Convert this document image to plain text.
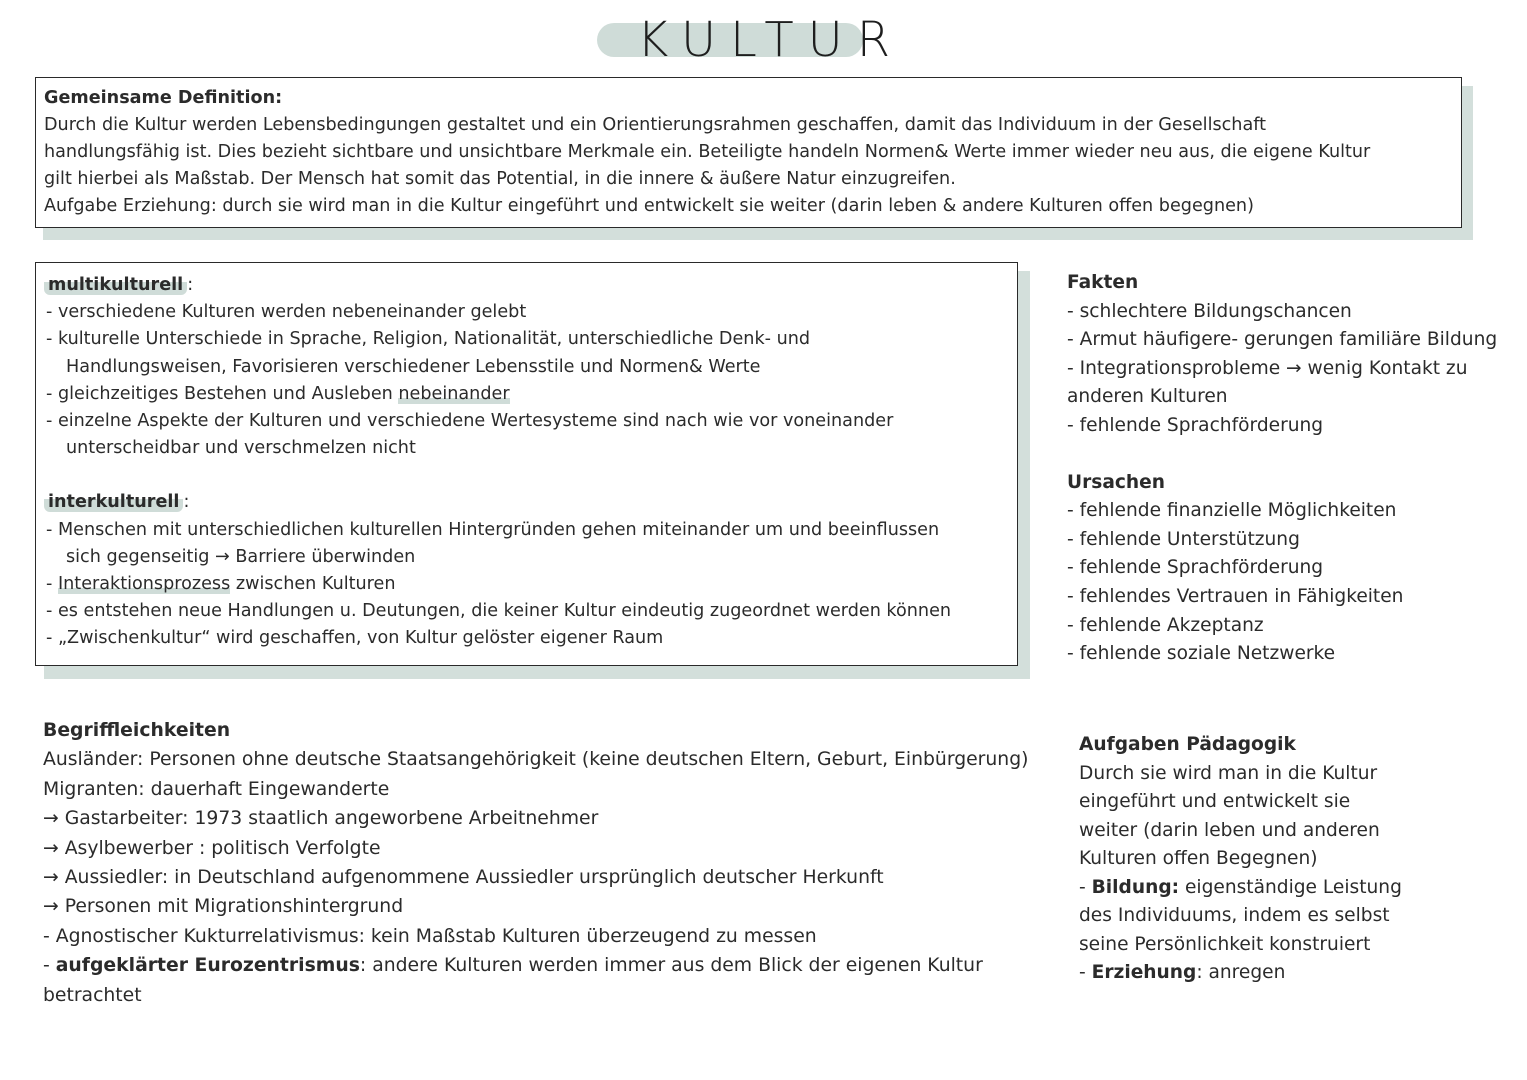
KULTUR

Gemeinsame Definition:

Durch die Kultur werden Lebensbedingungen gestaltet und ein Orientierungsrahmen geschaffen, damit das Individuum in der Gesellschaft

handlungsfähig ist. Dies bezieht sichtbare und unsichtbare Merkmale ein. Beteiligte handeln Normen& Werte immer wieder neu aus, die eigene Kultur

gilt hierbei als Maßstab. Der Mensch hat somit das Potential, in die innere & äußere Natur einzugreifen.

Aufgabe Erziehung: durch sie wird man in die Kultur eingeführt und entwickelt sie weiter (darin leben & andere Kulturen offen begegnen)

multikulturell :

- verschiedene Kulturen werden nebeneinander gelebt

- kulturelle Unterschiede in Sprache, Religion, Nationalität, unterschiedliche Denk- und

Handlungsweisen, Favorisieren verschiedener Lebensstile und Normen& Werte

- gleichzeitiges Bestehen und Ausleben nebeinander

- einzelne Aspekte der Kulturen und verschiedene Wertesysteme sind nach wie vor voneinander

unterscheidbar und verschmelzen nicht

interkulturell :

- Menschen mit unterschiedlichen kulturellen Hintergründen gehen miteinander um und beeinflussen

sich gegenseitig → Barriere überwinden

- Interaktionsprozess zwischen Kulturen

- es entstehen neue Handlungen u. Deutungen, die keiner Kultur eindeutig zugeordnet werden können

- „Zwischenkultur“ wird geschaffen, von Kultur gelöster eigener Raum

Fakten

- schlechtere Bildungschancen

- Armut häufigere- gerungen familiäre Bildung

- Integrationsprobleme → wenig Kontakt zu

anderen Kulturen

- fehlende Sprachförderung

Ursachen

- fehlende finanzielle Möglichkeiten

- fehlende Unterstützung

- fehlende Sprachförderung

- fehlendes Vertrauen in Fähigkeiten

- fehlende Akzeptanz

- fehlende soziale Netzwerke

Begriffleichkeiten

Ausländer: Personen ohne deutsche Staatsangehörigkeit (keine deutschen Eltern, Geburt, Einbürgerung)

Migranten: dauerhaft Eingewanderte

→ Gastarbeiter: 1973 staatlich angeworbene Arbeitnehmer

→ Asylbewerber : politisch Verfolgte

→ Aussiedler: in Deutschland aufgenommene Aussiedler ursprünglich deutscher Herkunft

→ Personen mit Migrationshintergrund

- Agnostischer Kukturrelativismus: kein Maßstab Kulturen überzeugend zu messen

- aufgeklärter Eurozentrismus: andere Kulturen werden immer aus dem Blick der eigenen Kultur

betrachtet

Aufgaben Pädagogik

Durch sie wird man in die Kultur

eingeführt und entwickelt sie

weiter (darin leben und anderen

Kulturen offen Begegnen)

- Bildung: eigenständige Leistung

des Individuums, indem es selbst

seine Persönlichkeit konstruiert

- Erziehung: anregen
